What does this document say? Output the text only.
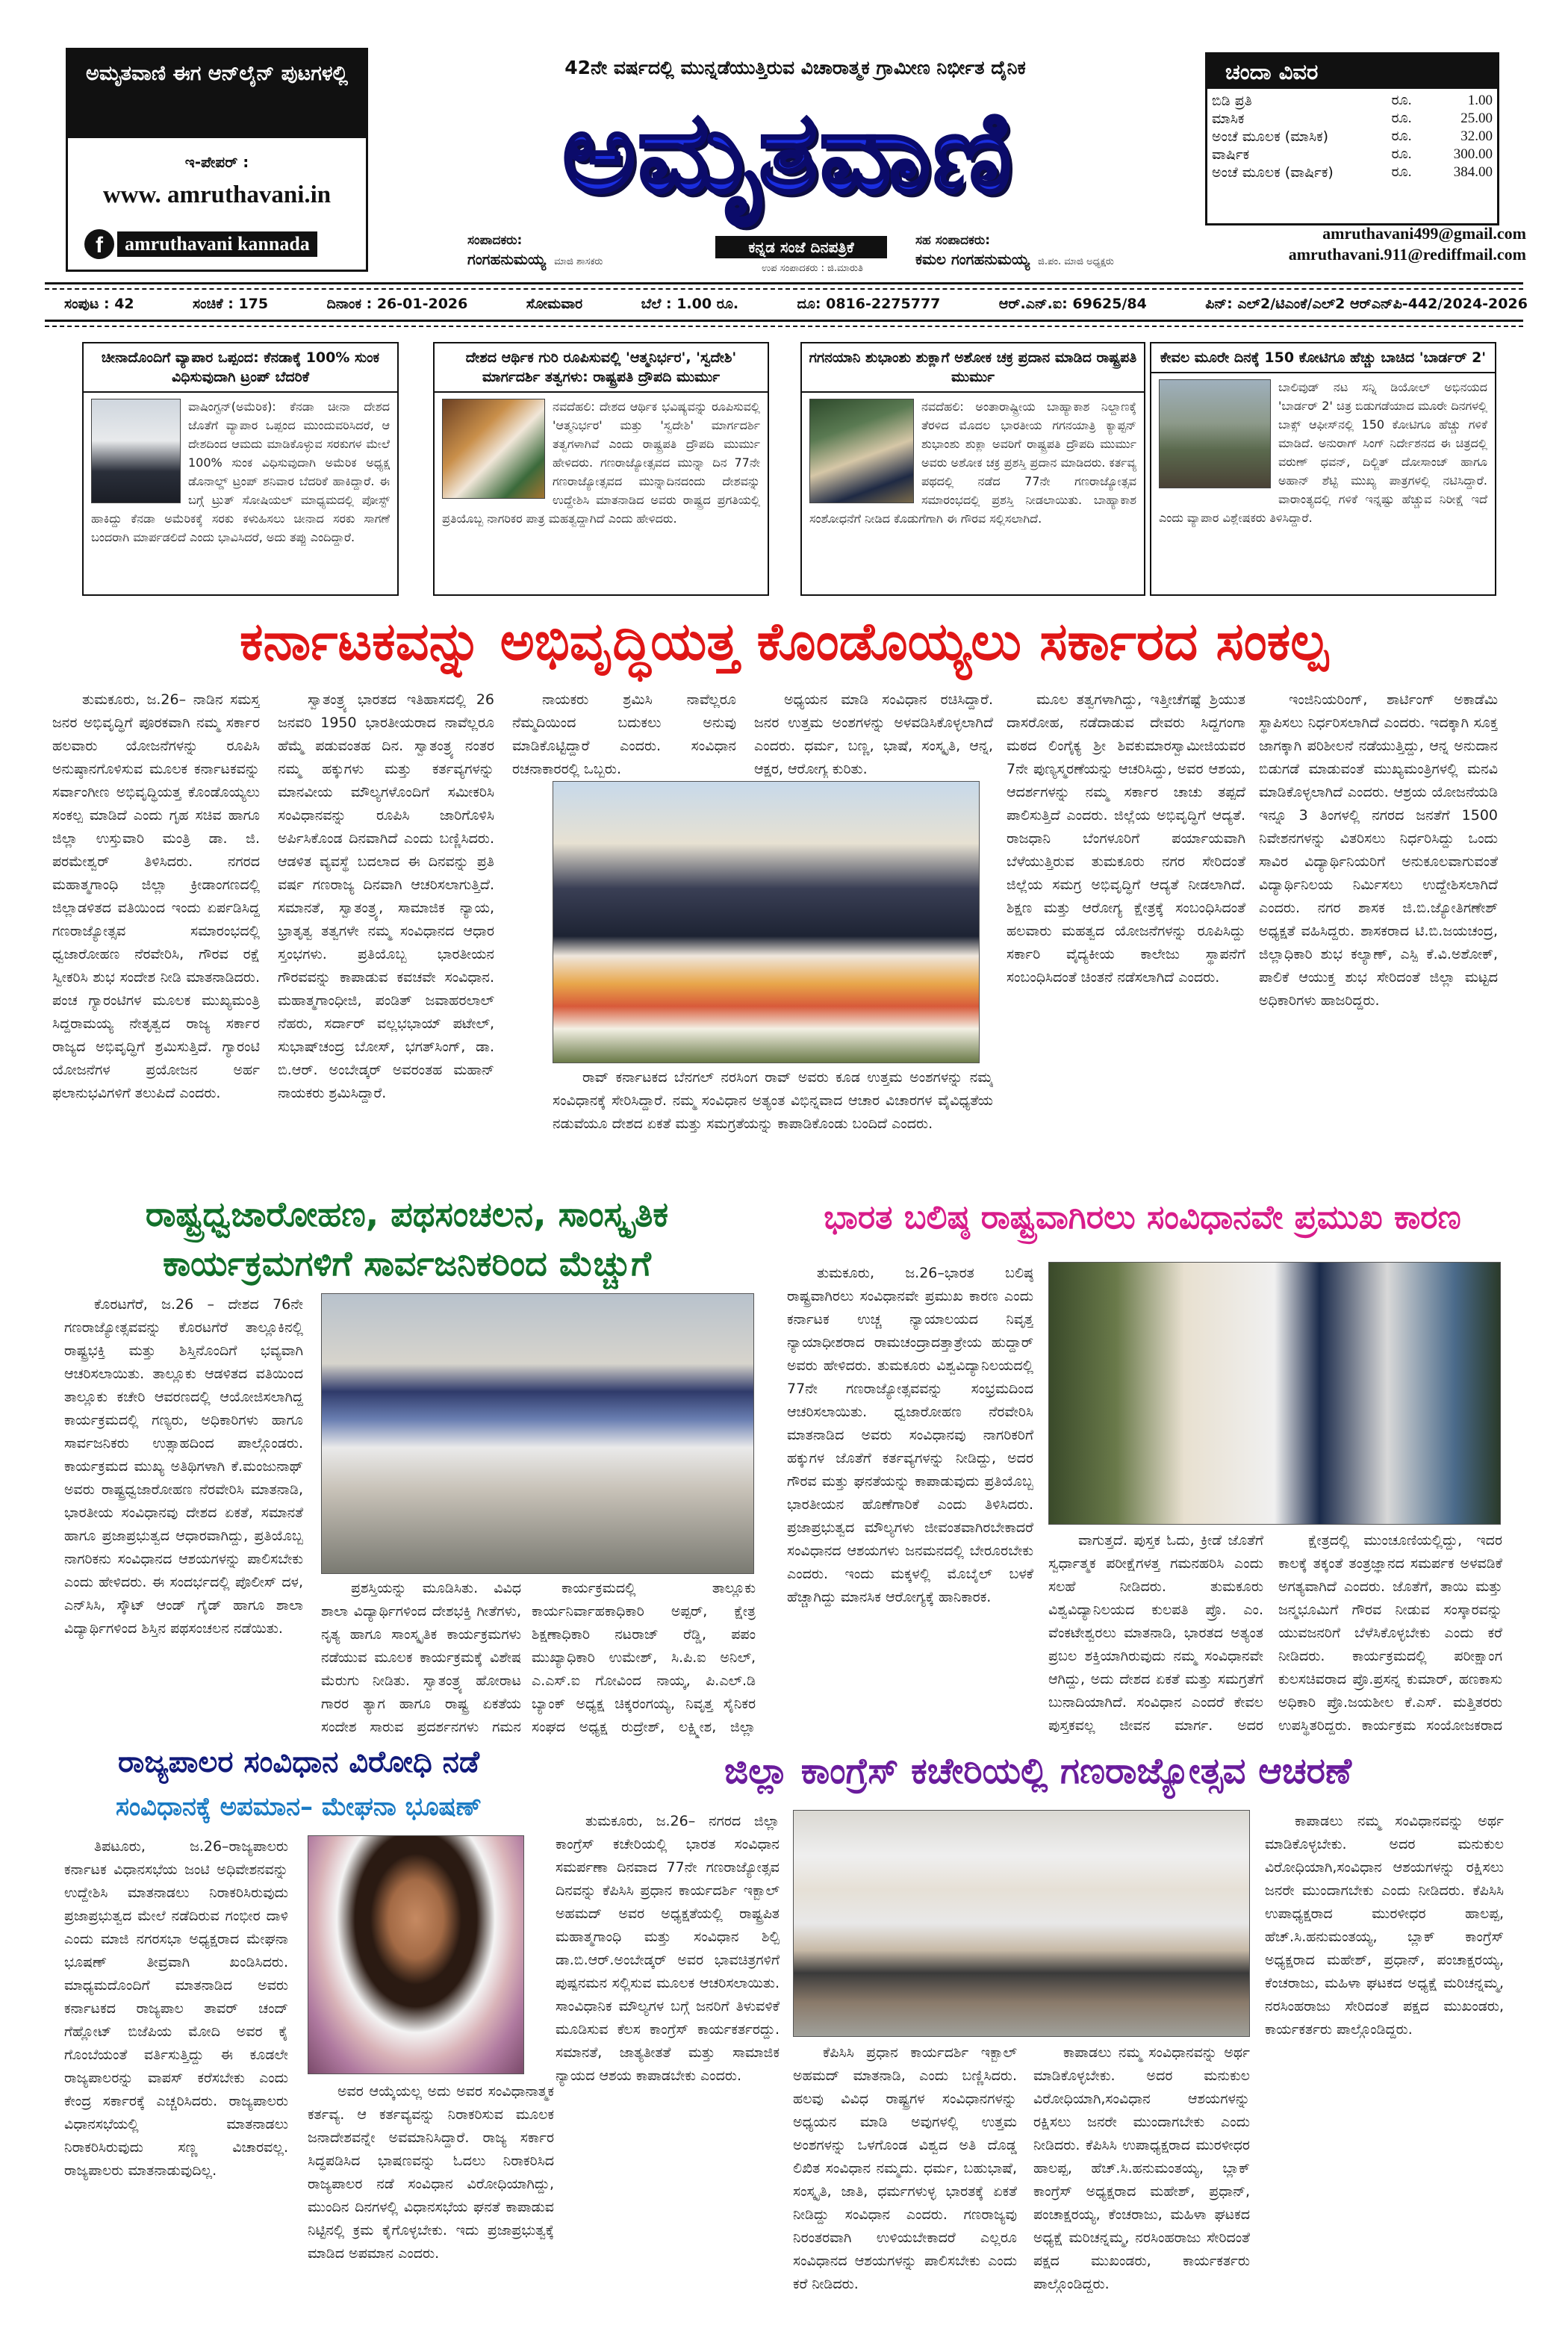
ಅಮೃತವಾಣಿ ಈಗ ಆನ್‌ಲೈನ್ ಪುಟಗಳಲ್ಲಿ
ಇ-ಪೇಪರ್ :
www. amruthavani.in
f	amruthavani kannada
42ನೇ ವರ್ಷದಲ್ಲಿ ಮುನ್ನಡೆಯುತ್ತಿರುವ ವಿಚಾರಾತ್ಮಕ ಗ್ರಾಮೀಣ ನಿರ್ಭೀತ ದೈನಿಕ
ಅಮೃತವಾಣಿ
ಕನ್ನಡ ಸಂಜೆ ದಿನಪತ್ರಿಕೆ
ಸಂಪಾದಕರು:
ಗಂಗಹನುಮಯ್ಯ ಮಾಜಿ ಶಾಸಕರು
ಉಪ ಸಂಪಾದಕರು : ಜಿ.ಮಾರುತಿ
ಸಹ ಸಂಪಾದಕರು:
ಕಮಲ ಗಂಗಹನುಮಯ್ಯ ಜಿ.ಪಂ. ಮಾಜಿ ಅಧ್ಯಕ್ಷರು
ಚಂದಾ ವಿವರ
ಬಿಡಿ ಪ್ರತಿ	ರೂ.	1.00
ಮಾಸಿಕ	ರೂ.	25.00
ಅಂಚೆ ಮೂಲಕ (ಮಾಸಿಕ)	ರೂ.	32.00
ವಾರ್ಷಿಕ	ರೂ.	300.00
ಅಂಚೆ ಮೂಲಕ (ವಾರ್ಷಿಕ)	ರೂ.	384.00
amruthavani499@gmail.com
amruthavani.911@rediffmail.com
ಸಂಪುಟ : 42	ಸಂಚಿಕೆ : 175	ದಿನಾಂಕ : 26-01-2026	ಸೋಮವಾರ	ಬೆಲೆ : 1.00 ರೂ.	ದೂ: 0816-2275777	ಆರ್.ಎನ್.ಐ: 69625/84	ಪಿನ್: ಎಲ್2/ಟಿಎಂಕೆ/ಎಲ್2 ಆರ್‌ಎನ್‌ಪಿ-442/2024-2026
ಚೀನಾದೊಂದಿಗೆ ವ್ಯಾಪಾರ ಒಪ್ಪಂದ: ಕೆನಡಾಕ್ಕೆ 100% ಸುಂಕ ವಿಧಿಸುವುದಾಗಿ ಟ್ರಂಪ್ ಬೆದರಿಕೆ
ವಾಷಿಂಗ್ಟನ್(ಅಮೆರಿಕ): ಕೆನಡಾ ಚೀನಾ ದೇಶದ ಜೊತೆಗೆ ವ್ಯಾಪಾರ ಒಪ್ಪಂದ ಮುಂದುವರಿಸಿದರೆ, ಆ ದೇಶದಿಂದ ಆಮದು ಮಾಡಿಕೊಳ್ಳುವ ಸರಕುಗಳ ಮೇಲೆ 100% ಸುಂಕ ವಿಧಿಸುವುದಾಗಿ ಅಮೆರಿಕ ಅಧ್ಯಕ್ಷ ಡೊನಾಲ್ಡ್ ಟ್ರಂಪ್ ಶನಿವಾರ ಬೆದರಿಕೆ ಹಾಕಿದ್ದಾರೆ. ಈ ಬಗ್ಗೆ ಟ್ರುತ್ ಸೋಷಿಯಲ್ ಮಾಧ್ಯಮದಲ್ಲಿ ಪೋಸ್ಟ್ ಹಾಕಿದ್ದು ಕೆನಡಾ ಅಮೆರಿಕಕ್ಕೆ ಸರಕು ಕಳುಹಿಸಲು ಚೀನಾದ ಸರಕು ಸಾಗಣೆ ಬಂದರಾಗಿ ಮಾರ್ಪಡಲಿದೆ ಎಂದು ಭಾವಿಸಿದರೆ, ಅದು ತಪ್ಪು ಎಂದಿದ್ದಾರೆ.
ದೇಶದ ಆರ್ಥಿಕ ಗುರಿ ರೂಪಿಸುವಲ್ಲಿ 'ಆತ್ಮನಿರ್ಭರ', 'ಸ್ವದೇಶಿ' ಮಾರ್ಗದರ್ಶಿ ತತ್ವಗಳು: ರಾಷ್ಟ್ರಪತಿ ದ್ರೌಪದಿ ಮುರ್ಮು
ನವದೆಹಲಿ: ದೇಶದ ಆರ್ಥಿಕ ಭವಿಷ್ಯವನ್ನು ರೂಪಿಸುವಲ್ಲಿ 'ಆತ್ಮನಿರ್ಭರ' ಮತ್ತು 'ಸ್ವದೇಶಿ' ಮಾರ್ಗದರ್ಶಿ ತತ್ವಗಳಾಗಿವೆ ಎಂದು ರಾಷ್ಟ್ರಪತಿ ದ್ರೌಪದಿ ಮುರ್ಮು ಹೇಳಿದರು. ಗಣರಾಜ್ಯೋತ್ಸವದ ಮುನ್ನಾ ದಿನ 77ನೇ ಗಣರಾಜ್ಯೋತ್ಸವದ ಮುನ್ನಾದಿನದಂದು ದೇಶವನ್ನು ಉದ್ದೇಶಿಸಿ ಮಾತನಾಡಿದ ಅವರು ರಾಷ್ಟ್ರದ ಪ್ರಗತಿಯಲ್ಲಿ ಪ್ರತಿಯೊಬ್ಬ ನಾಗರಿಕರ ಪಾತ್ರ ಮಹತ್ವದ್ದಾಗಿದೆ ಎಂದು ಹೇಳಿದರು.
ಗಗನಯಾನಿ ಶುಭಾಂಶು ಶುಕ್ಲಾಗೆ ಅಶೋಕ ಚಕ್ರ ಪ್ರದಾನ ಮಾಡಿದ ರಾಷ್ಟ್ರಪತಿ ಮುರ್ಮು
ನವದೆಹಲಿ: ಅಂತಾರಾಷ್ಟ್ರೀಯ ಬಾಹ್ಯಾಕಾಶ ನಿಲ್ದಾಣಕ್ಕೆ ತೆರಳಿದ ಮೊದಲ ಭಾರತೀಯ ಗಗನಯಾತ್ರಿ ಕ್ಯಾಪ್ಟನ್ ಶುಭಾಂಶು ಶುಕ್ಲಾ ಅವರಿಗೆ ರಾಷ್ಟ್ರಪತಿ ದ್ರೌಪದಿ ಮುರ್ಮು ಅವರು ಅಶೋಕ ಚಕ್ರ ಪ್ರಶಸ್ತಿ ಪ್ರದಾನ ಮಾಡಿದರು. ಕರ್ತವ್ಯ ಪಥದಲ್ಲಿ ನಡೆದ 77ನೇ ಗಣರಾಜ್ಯೋತ್ಸವ ಸಮಾರಂಭದಲ್ಲಿ ಪ್ರಶಸ್ತಿ ನೀಡಲಾಯಿತು. ಬಾಹ್ಯಾಕಾಶ ಸಂಶೋಧನೆಗೆ ನೀಡಿದ ಕೊಡುಗೆಗಾಗಿ ಈ ಗೌರವ ಸಲ್ಲಿಸಲಾಗಿದೆ.
ಕೇವಲ ಮೂರೇ ದಿನಕ್ಕೆ 150 ಕೋಟಿಗೂ ಹೆಚ್ಚು ಬಾಚಿದ 'ಬಾರ್ಡರ್ 2'
ಬಾಲಿವುಡ್ ನಟ ಸನ್ನಿ ಡಿಯೋಲ್ ಅಭಿನಯದ 'ಬಾರ್ಡರ್ 2' ಚಿತ್ರ ಬಿಡುಗಡೆಯಾದ ಮೂರೇ ದಿನಗಳಲ್ಲಿ ಬಾಕ್ಸ್ ಆಫೀಸ್‌ನಲ್ಲಿ 150 ಕೋಟಿಗೂ ಹೆಚ್ಚು ಗಳಿಕೆ ಮಾಡಿದೆ. ಅನುರಾಗ್ ಸಿಂಗ್ ನಿರ್ದೇಶನದ ಈ ಚಿತ್ರದಲ್ಲಿ ವರುಣ್ ಧವನ್, ದಿಲ್ಜಿತ್ ದೋಸಾಂಜ್ ಹಾಗೂ ಅಹಾನ್ ಶೆಟ್ಟಿ ಮುಖ್ಯ ಪಾತ್ರಗಳಲ್ಲಿ ನಟಿಸಿದ್ದಾರೆ. ವಾರಾಂತ್ಯದಲ್ಲಿ ಗಳಿಕೆ ಇನ್ನಷ್ಟು ಹೆಚ್ಚುವ ನಿರೀಕ್ಷೆ ಇದೆ ಎಂದು ವ್ಯಾಪಾರ ವಿಶ್ಲೇಷಕರು ತಿಳಿಸಿದ್ದಾರೆ.
ಕರ್ನಾಟಕವನ್ನು ಅಭಿವೃದ್ಧಿಯತ್ತ ಕೊಂಡೊಯ್ಯಲು ಸರ್ಕಾರದ ಸಂಕಲ್ಪ

ತುಮಕೂರು, ಜ.26– ನಾಡಿನ ಸಮಸ್ತ ಜನರ ಅಭಿವೃದ್ಧಿಗೆ ಪೂರಕವಾಗಿ ನಮ್ಮ ಸರ್ಕಾರ ಹಲವಾರು ಯೋಜನೆಗಳನ್ನು ರೂಪಿಸಿ ಅನುಷ್ಠಾನಗೊಳಿಸುವ ಮೂಲಕ ಕರ್ನಾಟಕವನ್ನು ಸರ್ವಾಂಗೀಣ ಅಭಿವೃದ್ಧಿಯತ್ತ ಕೊಂಡೊಯ್ಯಲು ಸಂಕಲ್ಪ ಮಾಡಿದೆ ಎಂದು ಗೃಹ ಸಚಿವ ಹಾಗೂ ಜಿಲ್ಲಾ ಉಸ್ತುವಾರಿ ಮಂತ್ರಿ ಡಾ. ಜಿ. ಪರಮೇಶ್ವರ್ ತಿಳಿಸಿದರು. ನಗರದ ಮಹಾತ್ಮಗಾಂಧಿ ಜಿಲ್ಲಾ ಕ್ರೀಡಾಂಗಣದಲ್ಲಿ ಜಿಲ್ಲಾಡಳಿತದ ವತಿಯಿಂದ ಇಂದು ಏರ್ಪಡಿಸಿದ್ದ ಗಣರಾಜ್ಯೋತ್ಸವ ಸಮಾರಂಭದಲ್ಲಿ ಧ್ವಜಾರೋಹಣ ನೆರವೇರಿಸಿ, ಗೌರವ ರಕ್ಷೆ ಸ್ವೀಕರಿಸಿ ಶುಭ ಸಂದೇಶ ನೀಡಿ ಮಾತನಾಡಿದರು. ಪಂಚ ಗ್ಯಾರಂಟಿಗಳ ಮೂಲಕ ಮುಖ್ಯಮಂತ್ರಿ ಸಿದ್ದರಾಮಯ್ಯ ನೇತೃತ್ವದ ರಾಜ್ಯ ಸರ್ಕಾರ ರಾಜ್ಯದ ಅಭಿವೃದ್ಧಿಗೆ ಶ್ರಮಿಸುತ್ತಿದೆ. ಗ್ಯಾರಂಟಿ ಯೋಜನೆಗಳ ಪ್ರಯೋಜನ ಅರ್ಹ ಫಲಾನುಭವಿಗಳಿಗೆ ತಲುಪಿದೆ ಎಂದರು.

ಸ್ವಾತಂತ್ರ್ಯ ಭಾರತದ ಇತಿಹಾಸದಲ್ಲಿ 26 ಜನವರಿ 1950 ಭಾರತೀಯರಾದ ನಾವೆಲ್ಲರೂ ಹೆಮ್ಮೆ ಪಡುವಂತಹ ದಿನ. ಸ್ವಾತಂತ್ರ್ಯ ನಂತರ ನಮ್ಮ ಹಕ್ಕುಗಳು ಮತ್ತು ಕರ್ತವ್ಯಗಳನ್ನು ಮಾನವೀಯ ಮೌಲ್ಯಗಳೊಂದಿಗೆ ಸಮೀಕರಿಸಿ ಸಂವಿಧಾನವನ್ನು ರೂಪಿಸಿ ಜಾರಿಗೊಳಿಸಿ ಅರ್ಪಿಸಿಕೊಂಡ ದಿನವಾಗಿದೆ ಎಂದು ಬಣ್ಣಿಸಿದರು. ಆಡಳಿತ ವ್ಯವಸ್ಥೆ ಬದಲಾದ ಈ ದಿನವನ್ನು ಪ್ರತಿ ವರ್ಷ ಗಣರಾಜ್ಯ ದಿನವಾಗಿ ಆಚರಿಸಲಾಗುತ್ತಿದೆ. ಸಮಾನತೆ, ಸ್ವಾತಂತ್ರ್ಯ, ಸಾಮಾಜಿಕ ನ್ಯಾಯ, ಭ್ರಾತೃತ್ವ ತತ್ವಗಳೇ ನಮ್ಮ ಸಂವಿಧಾನದ ಆಧಾರ ಸ್ತಂಭಗಳು. ಪ್ರತಿಯೊಬ್ಬ ಭಾರತೀಯನ ಗೌರವವನ್ನು ಕಾಪಾಡುವ ಕವಚವೇ ಸಂವಿಧಾನ. ಮಹಾತ್ಮಗಾಂಧೀಜಿ, ಪಂಡಿತ್ ಜವಾಹರಲಾಲ್ ನೆಹರು, ಸರ್ದಾರ್ ವಲ್ಲಭಭಾಯ್ ಪಟೇಲ್, ಸುಭಾಷ್‌ಚಂದ್ರ ಬೋಸ್, ಭಗತ್‌ಸಿಂಗ್, ಡಾ. ಬಿ.ಆರ್. ಅಂಬೇಡ್ಕರ್ ಅವರಂತಹ ಮಹಾನ್ ನಾಯಕರು ಶ್ರಮಿಸಿದ್ದಾರೆ.

ನಾಯಕರು ಶ್ರಮಿಸಿ ನಾವೆಲ್ಲರೂ ನೆಮ್ಮದಿಯಿಂದ ಬದುಕಲು ಅನುವು ಮಾಡಿಕೊಟ್ಟಿದ್ದಾರೆ ಎಂದರು. ಸಂವಿಧಾನ ರಚನಾಕಾರರಲ್ಲಿ ಒಬ್ಬರು.

ಅಧ್ಯಯನ ಮಾಡಿ ಸಂವಿಧಾನ ರಚಿಸಿದ್ದಾರೆ. ಜನರ ಉತ್ತಮ ಅಂಶಗಳನ್ನು ಅಳವಡಿಸಿಕೊಳ್ಳಲಾಗಿದೆ ಎಂದರು. ಧರ್ಮ, ಬಣ್ಣ, ಭಾಷೆ, ಸಂಸ್ಕೃತಿ, ಆನ್ನ, ಆಕ್ಷರ, ಆರೋಗ್ಯ ಕುರಿತು.

ರಾವ್ ಕರ್ನಾಟಕದ ಬೆನಗಲ್ ನರಸಿಂಗ ರಾವ್ ಅವರು ಕೂಡ ಉತ್ತಮ ಅಂಶಗಳನ್ನು ನಮ್ಮ ಸಂವಿಧಾನಕ್ಕೆ ಸೇರಿಸಿದ್ದಾರೆ. ನಮ್ಮ ಸಂವಿಧಾನ ಅತ್ಯಂತ ವಿಭಿನ್ನವಾದ ಆಚಾರ ವಿಚಾರಗಳ ವೈವಿಧ್ಯತೆಯ ನಡುವೆಯೂ ದೇಶದ ಏಕತೆ ಮತ್ತು ಸಮಗ್ರತೆಯನ್ನು ಕಾಪಾಡಿಕೊಂಡು ಬಂದಿದೆ ಎಂದರು.

ಮೂಲ ತತ್ವಗಳಾಗಿದ್ದು, ಇತ್ತೀಚೆಗಷ್ಟೆ ಶ್ರಿಯುತ ದಾಸರೋಹ, ನಡೆದಾಡುವ ದೇವರು ಸಿದ್ದಗಂಗಾ ಮಠದ ಲಿಂಗೈಕ್ಯ ಶ್ರೀ ಶಿವಕುಮಾರಸ್ವಾಮೀಜಿಯವರ 7ನೇ ಪುಣ್ಯಸ್ಮರಣೆಯನ್ನು ಆಚರಿಸಿದ್ದು, ಅವರ ಆಶಯ, ಆದರ್ಶಗಳನ್ನು ನಮ್ಮ ಸರ್ಕಾರ ಚಾಚು ತಪ್ಪದೆ ಪಾಲಿಸುತ್ತಿದೆ ಎಂದರು. ಜಿಲ್ಲೆಯ ಅಭಿವೃದ್ಧಿಗೆ ಆದ್ಯತೆ. ರಾಜಧಾನಿ ಬೆಂಗಳೂರಿಗೆ ಪರ್ಯಾಯವಾಗಿ ಬೆಳೆಯುತ್ತಿರುವ ತುಮಕೂರು ನಗರ ಸೇರಿದಂತೆ ಜಿಲ್ಲೆಯ ಸಮಗ್ರ ಅಭಿವೃದ್ಧಿಗೆ ಆದ್ಯತೆ ನೀಡಲಾಗಿದೆ. ಶಿಕ್ಷಣ ಮತ್ತು ಆರೋಗ್ಯ ಕ್ಷೇತ್ರಕ್ಕೆ ಸಂಬಂಧಿಸಿದಂತೆ ಹಲವಾರು ಮಹತ್ವದ ಯೋಜನೆಗಳನ್ನು ರೂಪಿಸಿದ್ದು ಸರ್ಕಾರಿ ವೈದ್ಯಕೀಯ ಕಾಲೇಜು ಸ್ಥಾಪನೆಗೆ ಸಂಬಂಧಿಸಿದಂತೆ ಚಿಂತನೆ ನಡೆಸಲಾಗಿದೆ ಎಂದರು.

ಇಂಜಿನಿಯರಿಂಗ್, ಶಾರ್ಟಿಂಗ್ ಅಕಾಡೆಮಿ ಸ್ಥಾಪಿಸಲು ನಿರ್ಧರಿಸಲಾಗಿದೆ ಎಂದರು. ಇದಕ್ಕಾಗಿ ಸೂಕ್ತ ಜಾಗಕ್ಕಾಗಿ ಪರಿಶೀಲನೆ ನಡೆಯುತ್ತಿದ್ದು, ಆನ್ನ ಅನುದಾನ ಬಿಡುಗಡೆ ಮಾಡುವಂತೆ ಮುಖ್ಯಮಂತ್ರಿಗಳಲ್ಲಿ ಮನವಿ ಮಾಡಿಕೊಳ್ಳಲಾಗಿದೆ ಎಂದರು. ಆಶ್ರಯ ಯೋಜನೆಯಡಿ ಇನ್ನೂ 3 ತಿಂಗಳಲ್ಲಿ ನಗರದ ಜನತೆಗೆ 1500 ನಿವೇಶನಗಳನ್ನು ವಿತರಿಸಲು ನಿರ್ಧರಿಸಿದ್ದು ಒಂದು ಸಾವಿರ ವಿದ್ಯಾರ್ಥಿನಿಯರಿಗೆ ಅನುಕೂಲವಾಗುವಂತೆ ವಿದ್ಯಾರ್ಥಿನಿಲಯ ನಿರ್ಮಿಸಲು ಉದ್ದೇಶಿಸಲಾಗಿದೆ ಎಂದರು. ನಗರ ಶಾಸಕ ಜಿ.ಬಿ.ಜ್ಯೋತಿಗಣೇಶ್ ಅಧ್ಯಕ್ಷತೆ ವಹಿಸಿದ್ದರು. ಶಾಸಕರಾದ ಟಿ.ಬಿ.ಜಯಚಂದ್ರ, ಜಿಲ್ಲಾಧಿಕಾರಿ ಶುಭ ಕಲ್ಯಾಣ್, ಎಸ್ಪಿ ಕೆ.ವಿ.ಅಶೋಕ್, ಪಾಲಿಕೆ ಆಯುಕ್ತ ಶುಭ ಸೇರಿದಂತೆ ಜಿಲ್ಲಾ ಮಟ್ಟದ ಅಧಿಕಾರಿಗಳು ಹಾಜರಿದ್ದರು.

ರಾಷ್ಟ್ರಧ್ವಜಾರೋಹಣ, ಪಥಸಂಚಲನ, ಸಾಂಸ್ಕೃತಿಕ
ಕಾರ್ಯಕ್ರಮಗಳಿಗೆ ಸಾರ್ವಜನಿಕರಿಂದ ಮೆಚ್ಚುಗೆ

ಕೊರಟಗೆರೆ, ಜ.26 – ದೇಶದ 76ನೇ ಗಣರಾಜ್ಯೋತ್ಸವವನ್ನು ಕೊರಟಗೆರೆ ತಾಲ್ಲೂಕಿನಲ್ಲಿ ರಾಷ್ಟ್ರಭಕ್ತಿ ಮತ್ತು ಶಿಸ್ತಿನೊಂದಿಗೆ ಭವ್ಯವಾಗಿ ಆಚರಿಸಲಾಯಿತು. ತಾಲ್ಲೂಕು ಆಡಳಿತದ ವತಿಯಿಂದ ತಾಲ್ಲೂಕು ಕಚೇರಿ ಆವರಣದಲ್ಲಿ ಆಯೋಜಿಸಲಾಗಿದ್ದ ಕಾರ್ಯಕ್ರಮದಲ್ಲಿ ಗಣ್ಯರು, ಅಧಿಕಾರಿಗಳು ಹಾಗೂ ಸಾರ್ವಜನಿಕರು ಉತ್ಸಾಹದಿಂದ ಪಾಲ್ಗೊಂಡರು. ಕಾರ್ಯಕ್ರಮದ ಮುಖ್ಯ ಅತಿಥಿಗಳಾಗಿ ಕೆ.ಮಂಜುನಾಥ್ ಅವರು ರಾಷ್ಟ್ರಧ್ವಜಾರೋಹಣ ನೆರವೇರಿಸಿ ಮಾತನಾಡಿ, ಭಾರತೀಯ ಸಂವಿಧಾನವು ದೇಶದ ಏಕತೆ, ಸಮಾನತೆ ಹಾಗೂ ಪ್ರಜಾಪ್ರಭುತ್ವದ ಆಧಾರವಾಗಿದ್ದು, ಪ್ರತಿಯೊಬ್ಬ ನಾಗರಿಕನು ಸಂವಿಧಾನದ ಆಶಯಗಳನ್ನು ಪಾಲಿಸಬೇಕು ಎಂದು ಹೇಳಿದರು. ಈ ಸಂದರ್ಭದಲ್ಲಿ ಪೊಲೀಸ್ ದಳ, ಎನ್‌ಸಿಸಿ, ಸ್ಕೌಟ್ ಆಂಡ್ ಗೈಡ್ ಹಾಗೂ ಶಾಲಾ ವಿದ್ಯಾರ್ಥಿಗಳಿಂದ ಶಿಸ್ತಿನ ಪಥಸಂಚಲನ ನಡೆಯಿತು.

ಪ್ರಶಸ್ತಿಯನ್ನು ಮೂಡಿಸಿತು. ವಿವಿಧ ಶಾಲಾ ವಿದ್ಯಾರ್ಥಿಗಳಿಂದ ದೇಶಭಕ್ತಿ ಗೀತೆಗಳು, ನೃತ್ಯ ಹಾಗೂ ಸಾಂಸ್ಕೃತಿಕ ಕಾರ್ಯಕ್ರಮಗಳು ನಡೆಯುವ ಮೂಲಕ ಕಾರ್ಯಕ್ರಮಕ್ಕೆ ವಿಶೇಷ ಮೆರುಗು ನೀಡಿತು. ಸ್ವಾತಂತ್ರ್ಯ ಹೋರಾಟ ಗಾರರ ತ್ಯಾಗ ಹಾಗೂ ರಾಷ್ಟ್ರ ಏಕತೆಯ ಸಂದೇಶ ಸಾರುವ ಪ್ರದರ್ಶನಗಳು ಗಮನ

ಕಾರ್ಯಕ್ರಮದಲ್ಲಿ ತಾಲ್ಲೂಕು ಕಾರ್ಯನಿರ್ವಾಹಕಾಧಿಕಾರಿ ಅಪ್ಪರ್, ಕ್ಷೇತ್ರ ಶಿಕ್ಷಣಾಧಿಕಾರಿ ನಟರಾಜ್ ರೆಡ್ಡಿ, ಪಪಂ ಮುಖ್ಯಾಧಿಕಾರಿ ಉಮೇಶ್, ಸಿ.ಪಿ.ಐ ಅನಿಲ್, ಎ.ಎಸ್.ಐ ಗೋವಿಂದ ನಾಯ್ಕ, ಪಿ.ಎಲ್.ಡಿ ಬ್ಯಾಂಕ್ ಅಧ್ಯಕ್ಷ ಚಿಕ್ಕರಂಗಯ್ಯ, ನಿವೃತ್ತ ಸೈನಿಕರ ಸಂಘದ ಅಧ್ಯಕ್ಷ ರುದ್ರೇಶ್, ಲಕ್ಷ್ಮೀಶ, ಜಿಲ್ಲಾ

ಭಾರತ ಬಲಿಷ್ಠ ರಾಷ್ಟ್ರವಾಗಿರಲು ಸಂವಿಧಾನವೇ ಪ್ರಮುಖ ಕಾರಣ

ತುಮಕೂರು, ಜ.26–ಭಾರತ ಬಲಿಷ್ಠ ರಾಷ್ಟ್ರವಾಗಿರಲು ಸಂವಿಧಾನವೇ ಪ್ರಮುಖ ಕಾರಣ ಎಂದು ಕರ್ನಾಟಕ ಉಚ್ಚ ನ್ಯಾಯಾಲಯದ ನಿವೃತ್ತ ನ್ಯಾಯಾಧೀಶರಾದ ರಾಮಚಂದ್ರಾದತ್ತಾತ್ರೇಯ ಹುದ್ದಾರ್ ಅವರು ಹೇಳಿದರು. ತುಮಕೂರು ವಿಶ್ವವಿದ್ಯಾನಿಲಯದಲ್ಲಿ 77ನೇ ಗಣರಾಜ್ಯೋತ್ಸವವನ್ನು ಸಂಭ್ರಮದಿಂದ ಆಚರಿಸಲಾಯಿತು. ಧ್ವಜಾರೋಹಣ ನೆರವೇರಿಸಿ ಮಾತನಾಡಿದ ಅವರು ಸಂವಿಧಾನವು ನಾಗರಿಕರಿಗೆ ಹಕ್ಕುಗಳ ಜೊತೆಗೆ ಕರ್ತವ್ಯಗಳನ್ನು ನೀಡಿದ್ದು, ಅದರ ಗೌರವ ಮತ್ತು ಘನತೆಯನ್ನು ಕಾಪಾಡುವುದು ಪ್ರತಿಯೊಬ್ಬ ಭಾರತೀಯನ ಹೊಣೆಗಾರಿಕೆ ಎಂದು ತಿಳಿಸಿದರು. ಪ್ರಜಾಪ್ರಭುತ್ವದ ಮೌಲ್ಯಗಳು ಜೀವಂತವಾಗಿರಬೇಕಾದರೆ ಸಂವಿಧಾನದ ಆಶಯಗಳು ಜನಮನದಲ್ಲಿ ಬೇರೂರಬೇಕು ಎಂದರು. ಇಂದು ಮಕ್ಕಳಲ್ಲಿ ಮೊಬೈಲ್ ಬಳಕೆ ಹೆಚ್ಚಾಗಿದ್ದು ಮಾನಸಿಕ ಆರೋಗ್ಯಕ್ಕೆ ಹಾನಿಕಾರಕ.

ವಾಗುತ್ತದೆ. ಪುಸ್ತಕ ಓದು, ಕ್ರೀಡೆ ಜೊತೆಗೆ ಸ್ವರ್ಧಾತ್ಮಕ ಪರೀಕ್ಷೆಗಳತ್ತ ಗಮನಹರಿಸಿ ಎಂದು ಸಲಹೆ ನೀಡಿದರು. ತುಮಕೂರು ವಿಶ್ವವಿದ್ಯಾನಿಲಯದ ಕುಲಪತಿ ಪ್ರೊ. ಎಂ. ವೆಂಕಟೇಶ್ವರಲು ಮಾತನಾಡಿ, ಭಾರತದ ಅತ್ಯಂತ ಪ್ರಬಲ ಶಕ್ತಿಯಾಗಿರುವುದು ನಮ್ಮ ಸಂವಿಧಾನವೇ ಆಗಿದ್ದು, ಅದು ದೇಶದ ಏಕತೆ ಮತ್ತು ಸಮಗ್ರತೆಗೆ ಬುನಾದಿಯಾಗಿದೆ. ಸಂವಿಧಾನ ಎಂದರೆ ಕೇವಲ ಪುಸ್ತಕವಲ್ಲ ಜೀವನ ಮಾರ್ಗ. ಅದರ

ಕ್ಷೇತ್ರದಲ್ಲಿ ಮುಂಚೂಣಿಯಲ್ಲಿದ್ದು, ಇದರ ಕಾಲಕ್ಕೆ ತಕ್ಕಂತೆ ತಂತ್ರಜ್ಞಾನದ ಸಮರ್ಪಕ ಅಳವಡಿಕೆ ಅಗತ್ಯವಾಗಿದೆ ಎಂದರು. ಜೊತೆಗೆ, ತಾಯಿ ಮತ್ತು ಜನ್ಮಭೂಮಿಗೆ ಗೌರವ ನೀಡುವ ಸಂಸ್ಕಾರವನ್ನು ಯುವಜನರಿಗೆ ಬೆಳೆಸಿಕೊಳ್ಳಬೇಕು ಎಂದು ಕರೆ ನೀಡಿದರು. ಕಾರ್ಯಕ್ರಮದಲ್ಲಿ ಪರೀಕ್ಷಾಂಗ ಕುಲಸಚಿವರಾದ ಪ್ರೊ.ಪ್ರಸನ್ನ ಕುಮಾರ್, ಹಣಕಾಸು ಅಧಿಕಾರಿ ಪ್ರೊ.ಜಯಶೀಲ ಕೆ.ಎಸ್. ಮತ್ತಿತರರು ಉಪಸ್ಥಿತರಿದ್ದರು. ಕಾರ್ಯಕ್ರಮ ಸಂಯೋಜಕರಾದ

ರಾಜ್ಯಪಾಲರ ಸಂವಿಧಾನ ವಿರೋಧಿ ನಡೆ
ಸಂವಿಧಾನಕ್ಕೆ ಅಪಮಾನ– ಮೇಘನಾ ಭೂಷಣ್

ತಿಪಟೂರು, ಜ.26–ರಾಜ್ಯಪಾಲರು ಕರ್ನಾಟಕ ವಿಧಾನಸಭೆಯ ಜಂಟಿ ಅಧಿವೇಶನವನ್ನು ಉದ್ದೇಶಿಸಿ ಮಾತನಾಡಲು ನಿರಾಕರಿಸಿರುವುದು ಪ್ರಜಾಪ್ರಭುತ್ವದ ಮೇಲೆ ನಡೆದಿರುವ ಗಂಭೀರ ದಾಳಿ ಎಂದು ಮಾಜಿ ನಗರಸಭಾ ಅಧ್ಯಕ್ಷರಾದ ಮೇಘನಾ ಭೂಷಣ್ ತೀವ್ರವಾಗಿ ಖಂಡಿಸಿದರು. ಮಾಧ್ಯಮದೊಂದಿಗೆ ಮಾತನಾಡಿದ ಅವರು ಕರ್ನಾಟಕದ ರಾಜ್ಯಪಾಲ ತಾವರ್ ಚಂದ್ ಗೆಹ್ಲೋಟ್ ಬಿಜೆಪಿಯ ಮೋದಿ ಅವರ ಕೈ ಗೊಂಬೆಯಂತೆ ವರ್ತಿಸುತ್ತಿದ್ದು ಈ ಕೂಡಲೇ ರಾಜ್ಯಪಾಲರನ್ನು ವಾಪಸ್ ಕರೆಸಬೇಕು ಎಂದು ಕೇಂದ್ರ ಸರ್ಕಾರಕ್ಕೆ ಎಚ್ಚರಿಸಿದರು. ರಾಜ್ಯಪಾಲರು ವಿಧಾನಸಭೆಯಲ್ಲಿ ಮಾತನಾಡಲು ನಿರಾಕರಿಸಿರುವುದು ಸಣ್ಣ ವಿಚಾರವಲ್ಲ. ರಾಜ್ಯಪಾಲರು ಮಾತನಾಡುವುದಿಲ್ಲ.

ಅವರ ಆಯ್ಕೆಯಲ್ಲ ಅದು ಅವರ ಸಂವಿಧಾನಾತ್ಮಕ ಕರ್ತವ್ಯ. ಆ ಕರ್ತವ್ಯವನ್ನು ನಿರಾಕರಿಸುವ ಮೂಲಕ ಜನಾದೇಶವನ್ನೇ ಅವಮಾನಿಸಿದ್ದಾರೆ. ರಾಜ್ಯ ಸರ್ಕಾರ ಸಿದ್ಧಪಡಿಸಿದ ಭಾಷಣವನ್ನು ಓದಲು ನಿರಾಕರಿಸಿದ ರಾಜ್ಯಪಾಲರ ನಡೆ ಸಂವಿಧಾನ ವಿರೋಧಿಯಾಗಿದ್ದು, ಮುಂದಿನ ದಿನಗಳಲ್ಲಿ ವಿಧಾನಸಭೆಯ ಘನತೆ ಕಾಪಾಡುವ ನಿಟ್ಟಿನಲ್ಲಿ ಕ್ರಮ ಕೈಗೊಳ್ಳಬೇಕು. ಇದು ಪ್ರಜಾಪ್ರಭುತ್ವಕ್ಕೆ ಮಾಡಿದ ಅಪಮಾನ ಎಂದರು.

ಜಿಲ್ಲಾ ಕಾಂಗ್ರೆಸ್ ಕಚೇರಿಯಲ್ಲಿ ಗಣರಾಜ್ಯೋತ್ಸವ ಆಚರಣೆ

ತುಮಕೂರು, ಜ.26– ನಗರದ ಜಿಲ್ಲಾ ಕಾಂಗ್ರೆಸ್ ಕಚೇರಿಯಲ್ಲಿ ಭಾರತ ಸಂವಿಧಾನ ಸಮರ್ಪಣಾ ದಿನವಾದ 77ನೇ ಗಣರಾಜ್ಯೋತ್ಸವ ದಿನವನ್ನು ಕೆಪಿಸಿಸಿ ಪ್ರಧಾನ ಕಾರ್ಯದರ್ಶಿ ಇಕ್ಬಾಲ್ ಅಹಮದ್ ಅವರ ಅಧ್ಯಕ್ಷತೆಯಲ್ಲಿ ರಾಷ್ಟ್ರಪಿತ ಮಹಾತ್ಮಗಾಂಧಿ ಮತ್ತು ಸಂವಿಧಾನ ಶಿಲ್ಪಿ ಡಾ.ಬಿ.ಆರ್.ಅಂಬೇಡ್ಕರ್ ಅವರ ಭಾವಚಿತ್ರಗಳಿಗೆ ಪುಷ್ಪನಮನ ಸಲ್ಲಿಸುವ ಮೂಲಕ ಆಚರಿಸಲಾಯಿತು. ಸಾಂವಿಧಾನಿಕ ಮೌಲ್ಯಗಳ ಬಗ್ಗೆ ಜನರಿಗೆ ತಿಳುವಳಿಕೆ ಮೂಡಿಸುವ ಕೆಲಸ ಕಾಂಗ್ರೆಸ್ ಕಾರ್ಯಕರ್ತರದ್ದು. ಸಮಾನತೆ, ಜಾತ್ಯತೀತತೆ ಮತ್ತು ಸಾಮಾಜಿಕ ನ್ಯಾಯದ ಆಶಯ ಕಾಪಾಡಬೇಕು ಎಂದರು.

ಕೆಪಿಸಿಸಿ ಪ್ರಧಾನ ಕಾರ್ಯದರ್ಶಿ ಇಕ್ಬಾಲ್ ಅಹಮದ್ ಮಾತನಾಡಿ, ಎಂದು ಬಣ್ಣಿಸಿದರು. ಹಲವು ವಿವಿಧ ರಾಷ್ಟ್ರಗಳ ಸಂವಿಧಾನಗಳನ್ನು ಅಧ್ಯಯನ ಮಾಡಿ ಅವುಗಳಲ್ಲಿ ಉತ್ತಮ ಅಂಶಗಳನ್ನು ಒಳಗೊಂಡ ವಿಶ್ವದ ಅತಿ ದೊಡ್ಡ ಲಿಖಿತ ಸಂವಿಧಾನ ನಮ್ಮದು. ಧರ್ಮ, ಬಹುಭಾಷೆ, ಸಂಸ್ಕೃತಿ, ಜಾತಿ, ಧರ್ಮಗಳುಳ್ಳ ಭಾರತಕ್ಕೆ ಏಕತೆ ನೀಡಿದ್ದು ಸಂವಿಧಾನ ಎಂದರು. ಗಣರಾಜ್ಯವು ನಿರಂತರವಾಗಿ ಉಳಿಯಬೇಕಾದರೆ ಎಲ್ಲರೂ ಸಂವಿಧಾನದ ಆಶಯಗಳನ್ನು ಪಾಲಿಸಬೇಕು ಎಂದು ಕರೆ ನೀಡಿದರು.

ಕಾಪಾಡಲು ನಮ್ಮ ಸಂವಿಧಾನವನ್ನು ಅರ್ಥ ಮಾಡಿಕೊಳ್ಳಬೇಕು. ಅದರ ಮನುಕುಲ ವಿರೋಧಿಯಾಗಿ,ಸಂವಿಧಾನ ಆಶಯಗಳನ್ನು ರಕ್ಷಿಸಲು ಜನರೇ ಮುಂದಾಗಬೇಕು ಎಂದು ನೀಡಿದರು. ಕೆಪಿಸಿಸಿ ಉಪಾಧ್ಯಕ್ಷರಾದ ಮುರಳೀಧರ ಹಾಲಪ್ಪ, ಹೆಚ್.ಸಿ.ಹನುಮಂತಯ್ಯ, ಬ್ಲಾಕ್ ಕಾಂಗ್ರೆಸ್ ಅಧ್ಯಕ್ಷರಾದ ಮಹೇಶ್, ಪ್ರಧಾನ್, ಪಂಚಾಕ್ಷರಯ್ಯ, ಕೆಂಚರಾಜು, ಮಹಿಳಾ ಘಟಕದ ಅಧ್ಯಕ್ಷೆ ಮರಿಚನ್ನಮ್ಮ, ನರಸಿಂಹರಾಜು ಸೇರಿದಂತೆ ಪಕ್ಷದ ಮುಖಂಡರು, ಕಾರ್ಯಕರ್ತರು ಪಾಲ್ಗೊಂಡಿದ್ದರು.

ಕಾಪಾಡಲು ನಮ್ಮ ಸಂವಿಧಾನವನ್ನು ಅರ್ಥ ಮಾಡಿಕೊಳ್ಳಬೇಕು. ಅದರ ಮನುಕುಲ ವಿರೋಧಿಯಾಗಿ,ಸಂವಿಧಾನ ಆಶಯಗಳನ್ನು ರಕ್ಷಿಸಲು ಜನರೇ ಮುಂದಾಗಬೇಕು ಎಂದು ನೀಡಿದರು. ಕೆಪಿಸಿಸಿ ಉಪಾಧ್ಯಕ್ಷರಾದ ಮುರಳೀಧರ ಹಾಲಪ್ಪ, ಹೆಚ್.ಸಿ.ಹನುಮಂತಯ್ಯ, ಬ್ಲಾಕ್ ಕಾಂಗ್ರೆಸ್ ಅಧ್ಯಕ್ಷರಾದ ಮಹೇಶ್, ಪ್ರಧಾನ್, ಪಂಚಾಕ್ಷರಯ್ಯ, ಕೆಂಚರಾಜು, ಮಹಿಳಾ ಘಟಕದ ಅಧ್ಯಕ್ಷೆ ಮರಿಚನ್ನಮ್ಮ, ನರಸಿಂಹರಾಜು ಸೇರಿದಂತೆ ಪಕ್ಷದ ಮುಖಂಡರು, ಕಾರ್ಯಕರ್ತರು ಪಾಲ್ಗೊಂಡಿದ್ದರು.
